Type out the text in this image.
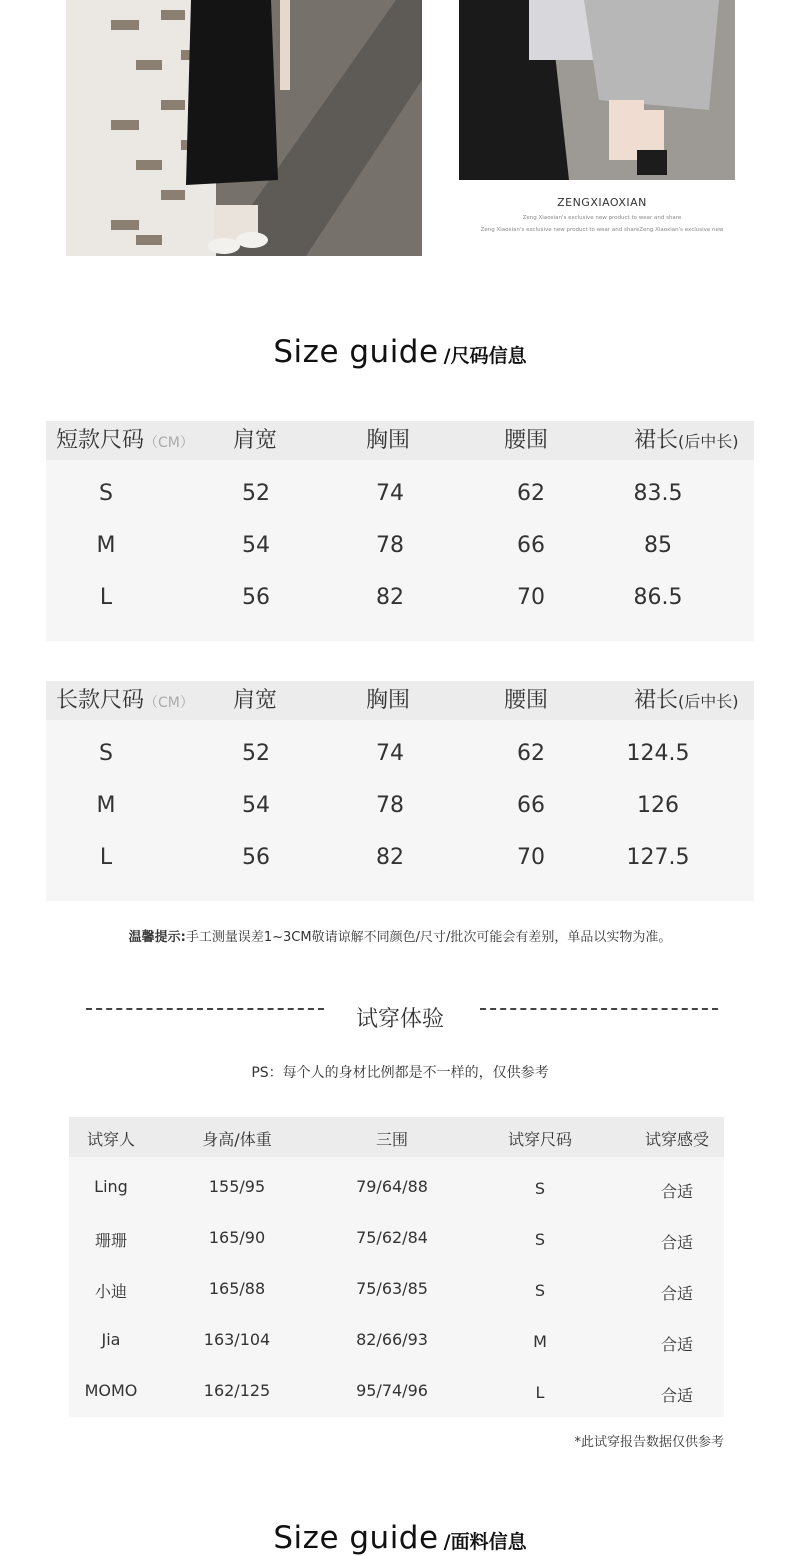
ZENGXIAOXIAN
Zeng Xiaoxian's exclusive new product to wear and share
Zeng Xiaoxian's exclusive new product to wear and shareZeng Xiaoxian's exclusive new
Size guide /尺码信息
短款尺码（CM） 肩宽	胸围	腰围	裙长(后中长)
S	52	74	62	83.5
M	54	78	66	85
L	56	82	70	86.5
长款尺码（CM） 肩宽	胸围	腰围	裙长(后中长)
S	52	74	62	124.5
M	54	78	66	126
L	56	82	70	127.5
温馨提示:手工测量误差1~3CM敬请谅解不同颜色/尺寸/批次可能会有差别，单品以实物为准。
试穿体验
PS：每个人的身材比例都是不一样的，仅供参考
试穿人	身高/体重	三围	试穿尺码	试穿感受
Ling	155/95	79/64/88	S	合适
珊珊	165/90	75/62/84	S	合适
小迪	165/88	75/63/85	S	合适
Jia	163/104	82/66/93	M	合适
MOMO	162/125	95/74/96	L	合适
*此试穿报告数据仅供参考
Size guide /面料信息
